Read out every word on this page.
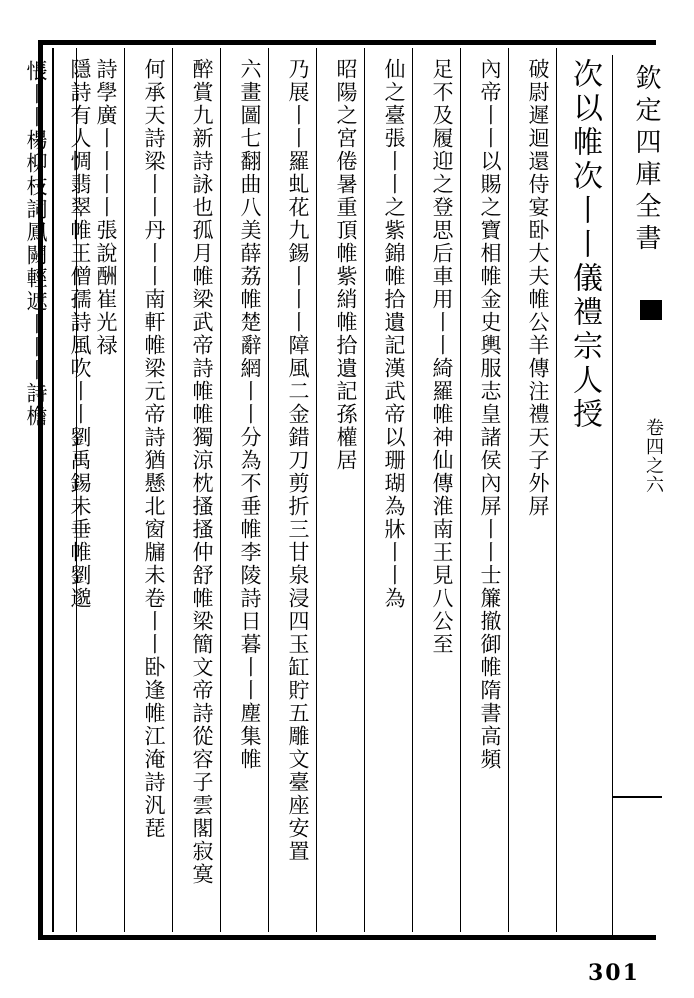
欽定四庫全書
卷四之六
次以帷次丨丨儀禮宗人授
破尉遲迴還侍宴卧大夫帷公羊傳注禮天子外屏
內帝丨丨以賜之寶相帷金史輿服志皇諸侯內屏丨丨士簾撤御帷隋書高頻
足不及履迎之登思后車用丨丨綺羅帷神仙傳淮南王見八公至
仙之臺張丨丨之紫錦帷拾遺記漢武帝以珊瑚為牀丨丨為
昭陽之宮倦暑重頂帷紫綃帷拾遺記孫權居
乃展丨丨羅虬花九錫丨丨丨障風二金錯刀剪折三甘泉浸四玉缸貯五雕文臺座安置
六畫圖七翻曲八美薛荔帷楚辭網丨丨分為不垂帷李陵詩日暮丨丨塵集帷
醉賞九新詩詠也孤月帷梁武帝詩帷帷獨涼枕搔搔仲舒帷梁簡文帝詩從容子雲閣寂寞
何承天詩梁丨丨丹丨丨南軒帷梁元帝詩猶懸北窗牖未卷丨丨卧逢帷江淹詩汎琵
詩學廣丨丨丨丨張說酬崔光禄
隱詩有人惆翡翠帷王僧孺詩風吹丨丨劉禹錫未垂帷劉邈
悵丨丨楊柳枝詞鳳闕輕遮丨丨丨詩檐
301
